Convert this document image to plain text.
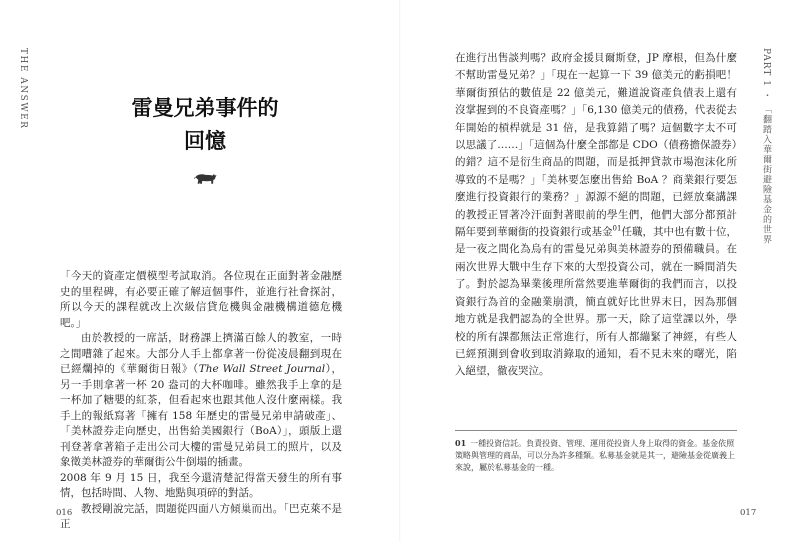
THE ANSWER	雷曼兄弟事件的
回憶

「今天的資產定價模型考試取消。各位現在正面對著金融歷史的里程碑，有必要正確了解這個事件，並進行社會探討，所以今天的課程就改上次級信貸危機與金融機構道德危機吧。」

由於教授的一席話，財務課上擠滿百餘人的教室，一時之間嘈雜了起來。大部分人手上都拿著一份從凌晨翻到現在已經爛掉的《華爾街日報》（The Wall Street Journal），另一手則拿著一杯 20 盎司的大杯咖啡。雖然我手上拿的是一杯加了糖嬰的紅茶，但看起來也跟其他人沒什麼兩樣。我手上的報紙寫著「擁有 158 年歷史的雷曼兄弟申請破產」、「美林證券走向歷史，出售給美國銀行（BoA）」，頭版上還刊登著拿著箱子走出公司大樓的雷曼兄弟員工的照片，以及象徵美林證券的華爾街公牛倒塌的插畫。

2008 年 9 月 15 日，我至今還清楚記得當天發生的所有事情，包括時間、人物、地點與項碎的對話。

教授剛說完話，問題從四面八方傾巢而出。「巴克萊不是正

016

在進行出售談判嗎？政府金援貝爾斯登，JP 摩根，但為什麼不幫助雷曼兄弟？」「現在一起算一下 39 億美元的虧損吧！華爾街預估的數值是 22 億美元，難道說資產負債表上還有沒掌握到的不良資產嗎？」「6,130 億美元的債務，代表從去年開始的槓桿就是 31 倍，是我算錯了嗎？這個數字太不可以思議了……」「這個為什麼全部都是 CDO（債務擔保證券）的錯？這不是衍生商品的問題，而是抵押貸款市場泡沫化所導致的不是嗎？」「美林要怎麼出售給 BoA ？商業銀行要怎麼進行投資銀行的業務？」源源不絕的問題，已經放棄講課的教授正冒著冷汗面對著眼前的學生們，他們大部分都預計隔年要到華爾街的投資銀行或基金$^{01}$任職，其中也有數十位，是一夜之間化為烏有的雷曼兄弟與美林證券的預備職員。在兩次世界大戰中生存下來的大型投資公司，就在一瞬間消失了。對於認為畢業後理所當然要進華爾街的我們而言，以投資銀行為首的金融業崩潰，簡直就好比世界末日，因為那個地方就是我們認為的全世界。那一天，除了這堂課以外，學校的所有課都無法正常進行，所有人都繃緊了神經，有些人已經預測到會收到取消錄取的通知，看不見未來的曙光，陷入絕望，徹夜哭泣。

01 一種投資信託。負責投資、管理、運用從投資人身上取得的資金。基金依照策略與管理的商品，可以分為許多種類。私募基金就是其一，避險基金從廣義上來說，屬於私募基金的一種。
PART 1 ・ 「翻踏入華爾街避險基金的世界
017
